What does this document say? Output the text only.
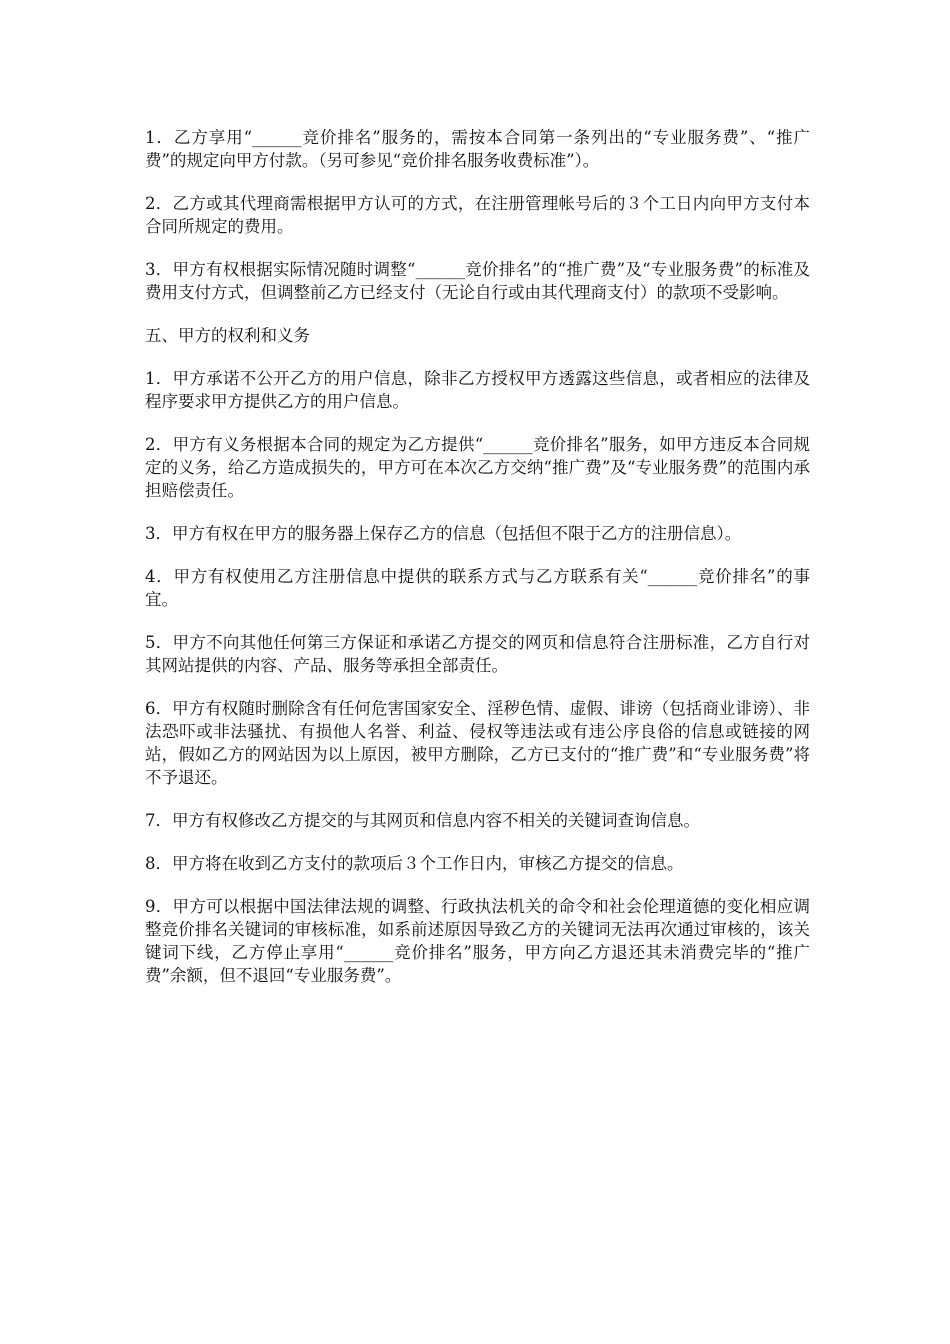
1．乙方享用“______竞价排名”服务的，需按本合同第一条列出的“专业服务费”、“推广费”的规定向甲方付款。（另可参见“竞价排名服务收费标准”）。

2．乙方或其代理商需根据甲方认可的方式，在注册管理帐号后的３个工日内向甲方支付本合同所规定的费用。

3．甲方有权根据实际情况随时调整“______竞价排名”的“推广费”及“专业服务费”的标准及费用支付方式，但调整前乙方已经支付（无论自行或由其代理商支付）的款项不受影响。

五、甲方的权利和义务

1．甲方承诺不公开乙方的用户信息，除非乙方授权甲方透露这些信息，或者相应的法律及程序要求甲方提供乙方的用户信息。

2．甲方有义务根据本合同的规定为乙方提供“______竞价排名”服务，如甲方违反本合同规定的义务，给乙方造成损失的，甲方可在本次乙方交纳“推广费”及“专业服务费”的范围内承担赔偿责任。

3．甲方有权在甲方的服务器上保存乙方的信息（包括但不限于乙方的注册信息）。

4．甲方有权使用乙方注册信息中提供的联系方式与乙方联系有关“______竞价排名”的事宜。

5．甲方不向其他任何第三方保证和承诺乙方提交的网页和信息符合注册标准，乙方自行对其网站提供的内容、产品、服务等承担全部责任。

6．甲方有权随时删除含有任何危害国家安全、淫秽色情、虚假、诽谤（包括商业诽谤）、非法恐吓或非法骚扰、有损他人名誉、利益、侵权等违法或有违公序良俗的信息或链接的网站，假如乙方的网站因为以上原因，被甲方删除，乙方已支付的“推广费”和“专业服务费”将不予退还。

7．甲方有权修改乙方提交的与其网页和信息内容不相关的关键词查询信息。

8．甲方将在收到乙方支付的款项后３个工作日内，审核乙方提交的信息。

9．甲方可以根据中国法律法规的调整、行政执法机关的命令和社会伦理道德的变化相应调整竞价排名关键词的审核标准，如系前述原因导致乙方的关键词无法再次通过审核的，该关键词下线，乙方停止享用“______竞价排名”服务，甲方向乙方退还其未消费完毕的“推广费”余额，但不退回“专业服务费”。
